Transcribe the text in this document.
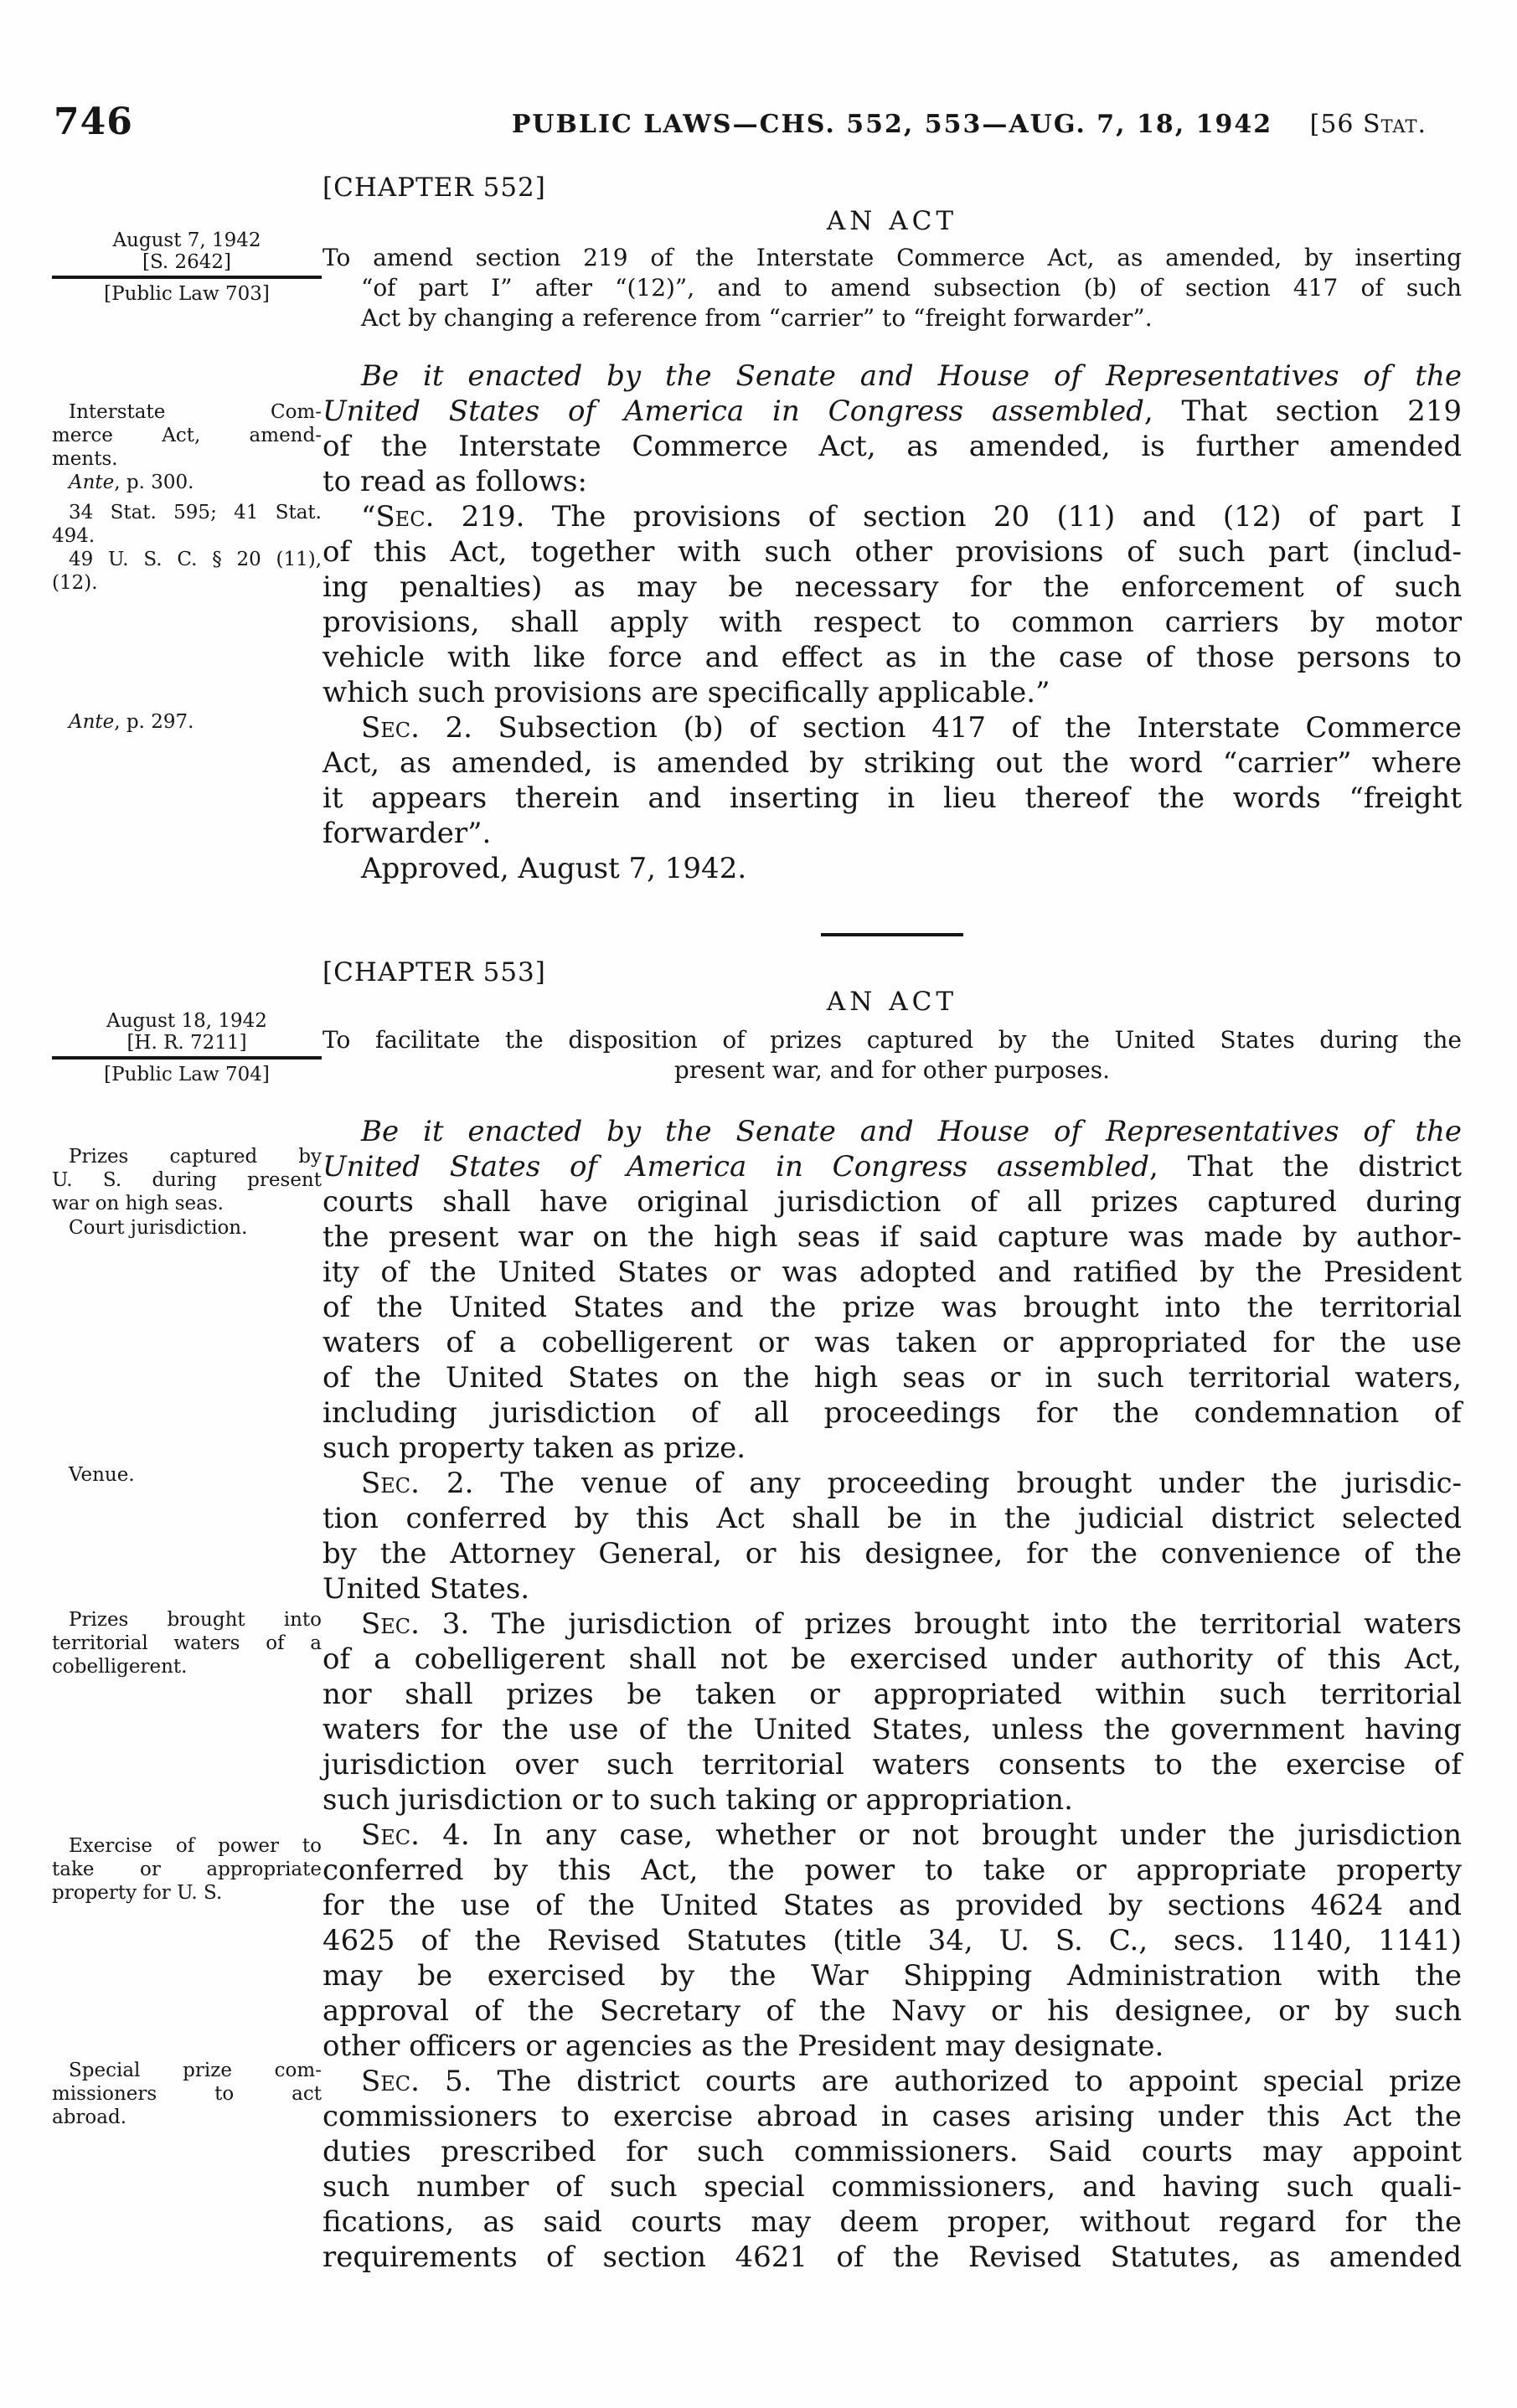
746	PUBLIC LAWS—CHS. 552, 553—AUG. 7, 18, 1942	[56 Stat.
August 7, 1942
[S. 2642]
[Public Law 703]
Interstate Com-
merce Act, amend-
ments.
Ante, p. 300.
34 Stat. 595; 41 Stat.
494.
49 U. S. C. § 20 (11),
(12).
Ante, p. 297.
August 18, 1942
[H. R. 7211]
[Public Law 704]
Prizes captured by
U. S. during present
war on high seas.
Court jurisdiction.
Venue.
Prizes brought into
territorial waters of a
cobelligerent.
Exercise of power to
take or appropriate
property for U. S.
Special prize com-
missioners to act
abroad.
[CHAPTER 552]
AN ACT
To amend section 219 of the Interstate Commerce Act, as amended, by inserting
“of part I” after “(12)”, and to amend subsection (b) of section 417 of such
Act by changing a reference from “carrier” to “freight forwarder”.
Be it enacted by the Senate and House of Representatives of the
United States of America in Congress assembled, That section 219
of the Interstate Commerce Act, as amended, is further amended
to read as follows:
“Sec. 219. The provisions of section 20 (11) and (12) of part I
of this Act, together with such other provisions of such part (includ-
ing penalties) as may be necessary for the enforcement of such
provisions, shall apply with respect to common carriers by motor
vehicle with like force and effect as in the case of those persons to
which such provisions are specifically applicable.”
Sec. 2. Subsection (b) of section 417 of the Interstate Commerce
Act, as amended, is amended by striking out the word “carrier” where
it appears therein and inserting in lieu thereof the words “freight
forwarder”.
Approved, August 7, 1942.
[CHAPTER 553]
AN ACT
To facilitate the disposition of prizes captured by the United States during the
present war, and for other purposes.
Be it enacted by the Senate and House of Representatives of the
United States of America in Congress assembled, That the district
courts shall have original jurisdiction of all prizes captured during
the present war on the high seas if said capture was made by author-
ity of the United States or was adopted and ratified by the President
of the United States and the prize was brought into the territorial
waters of a cobelligerent or was taken or appropriated for the use
of the United States on the high seas or in such territorial waters,
including jurisdiction of all proceedings for the condemnation of
such property taken as prize.
Sec. 2. The venue of any proceeding brought under the jurisdic-
tion conferred by this Act shall be in the judicial district selected
by the Attorney General, or his designee, for the convenience of the
United States.
Sec. 3. The jurisdiction of prizes brought into the territorial waters
of a cobelligerent shall not be exercised under authority of this Act,
nor shall prizes be taken or appropriated within such territorial
waters for the use of the United States, unless the government having
jurisdiction over such territorial waters consents to the exercise of
such jurisdiction or to such taking or appropriation.
Sec. 4. In any case, whether or not brought under the jurisdiction
conferred by this Act, the power to take or appropriate property
for the use of the United States as provided by sections 4624 and
4625 of the Revised Statutes (title 34, U. S. C., secs. 1140, 1141)
may be exercised by the War Shipping Administration with the
approval of the Secretary of the Navy or his designee, or by such
other officers or agencies as the President may designate.
Sec. 5. The district courts are authorized to appoint special prize
commissioners to exercise abroad in cases arising under this Act the
duties prescribed for such commissioners. Said courts may appoint
such number of such special commissioners, and having such quali-
fications, as said courts may deem proper, without regard for the
requirements of section 4621 of the Revised Statutes, as amended
